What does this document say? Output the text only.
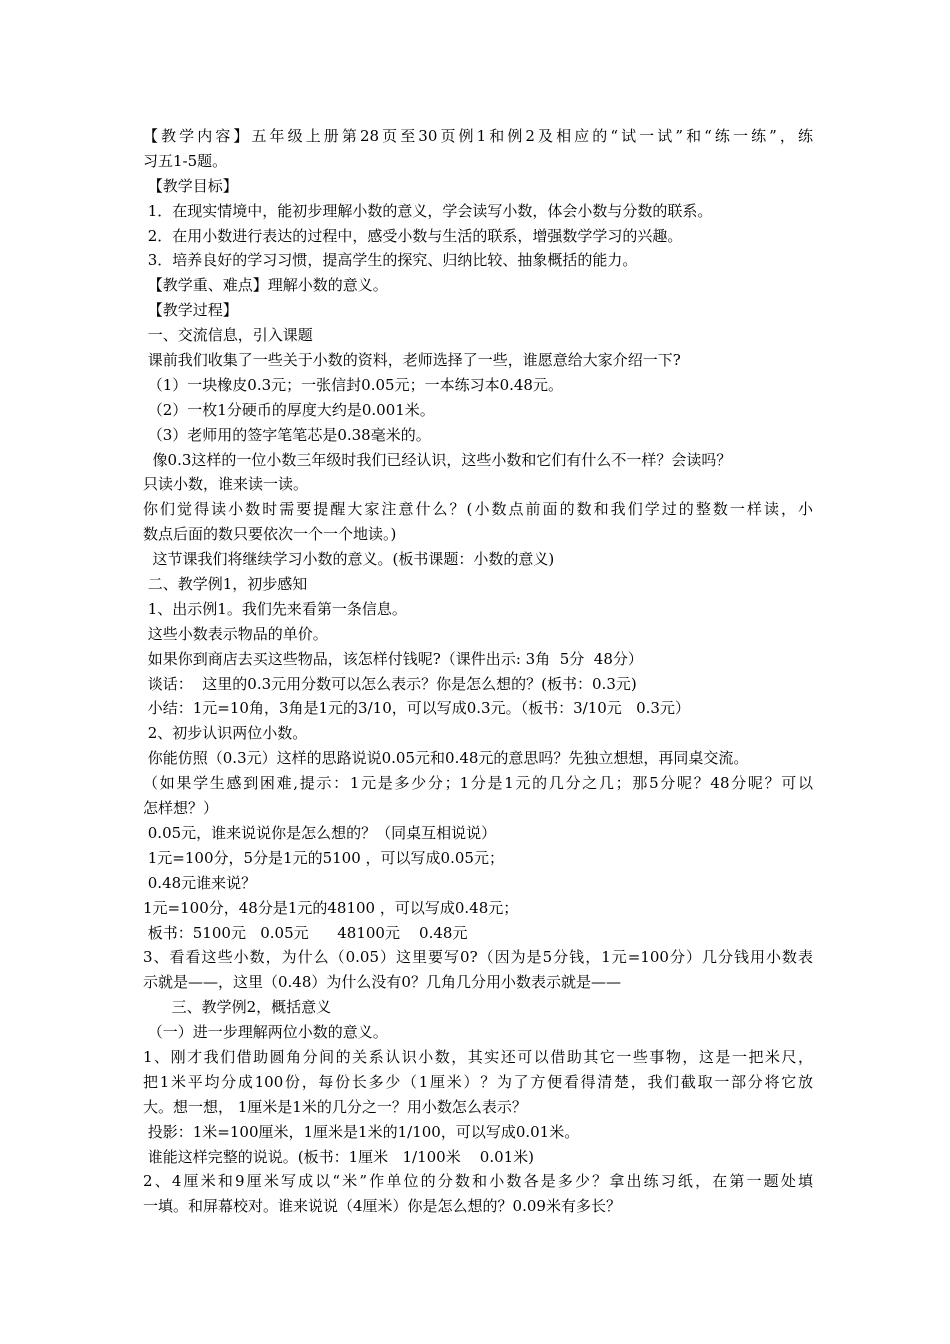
【教学内容】五年级上册第28页至30页例1和例2及相应的“试一试”和“练一练”，练
习五1-5题。
【教学目标】
1．在现实情境中，能初步理解小数的意义，学会读写小数，体会小数与分数的联系。
2．在用小数进行表达的过程中，感受小数与生活的联系，增强数学学习的兴趣。
3．培养良好的学习习惯，提高学生的探究、归纳比较、抽象概括的能力。
【教学重、难点】理解小数的意义。
【教学过程】
一、交流信息，引入课题
课前我们收集了一些关于小数的资料，老师选择了一些，谁愿意给大家介绍一下?
（1）一块橡皮0.3元；一张信封0.05元；一本练习本0.48元。
（2）一枚1分硬币的厚度大约是0.001米。
（3）老师用的签字笔笔芯是0.38毫米的。
像0.3这样的一位小数三年级时我们已经认识，这些小数和它们有什么不一样？会读吗？
只读小数，谁来读一读。
你们觉得读小数时需要提醒大家注意什么？(小数点前面的数和我们学过的整数一样读，小
数点后面的数只要依次一个一个地读。)
这节课我们将继续学习小数的意义。(板书课题：小数的意义)
二、教学例1，初步感知
1、出示例1。我们先来看第一条信息。
这些小数表示物品的单价。
如果你到商店去买这些物品，该怎样付钱呢?（课件出示: 3角  5分  48分）
谈话：  这里的0.3元用分数可以怎么表示？你是怎么想的？(板书：0.3元)
小结：1元=10角，3角是1元的3/10，可以写成0.3元。（板书：3/10元   0.3元）
2、初步认识两位小数。
你能仿照（0.3元）这样的思路说说0.05元和0.48元的意思吗？先独立想想，再同桌交流。
（如果学生感到困难,提示：1元是多少分；1分是1元的几分之几；那5分呢？48分呢？可以
怎样想？）
0.05元，谁来说说你是怎么想的？（同桌互相说说）
1元=100分，5分是1元的5100 ，可以写成0.05元；
0.48元谁来说？
1元=100分，48分是1元的48100 ，可以写成0.48元；
板书：5100元   0.05元      48100元    0.48元
3、看看这些小数，为什么（0.05）这里要写0?（因为是5分钱，1元=100分）几分钱用小数表
示就是——，这里（0.48）为什么没有0？几角几分用小数表示就是——
三、教学例2，概括意义
（一）进一步理解两位小数的意义。
1、刚才我们借助圆角分间的关系认识小数，其实还可以借助其它一些事物，这是一把米尺，
把1米平均分成100份，每份长多少（1厘米）？为了方便看得清楚，我们截取一部分将它放
大。想一想， 1厘米是1米的几分之一？用小数怎么表示？
投影：1米=100厘米，1厘米是1米的1/100，可以写成0.01米。
谁能这样完整的说说。(板书：1厘米   1/100米    0.01米)
2、4厘米和9厘米写成以“米”作单位的分数和小数各是多少？拿出练习纸，在第一题处填
一填。和屏幕校对。谁来说说（4厘米）你是怎么想的？0.09米有多长？
